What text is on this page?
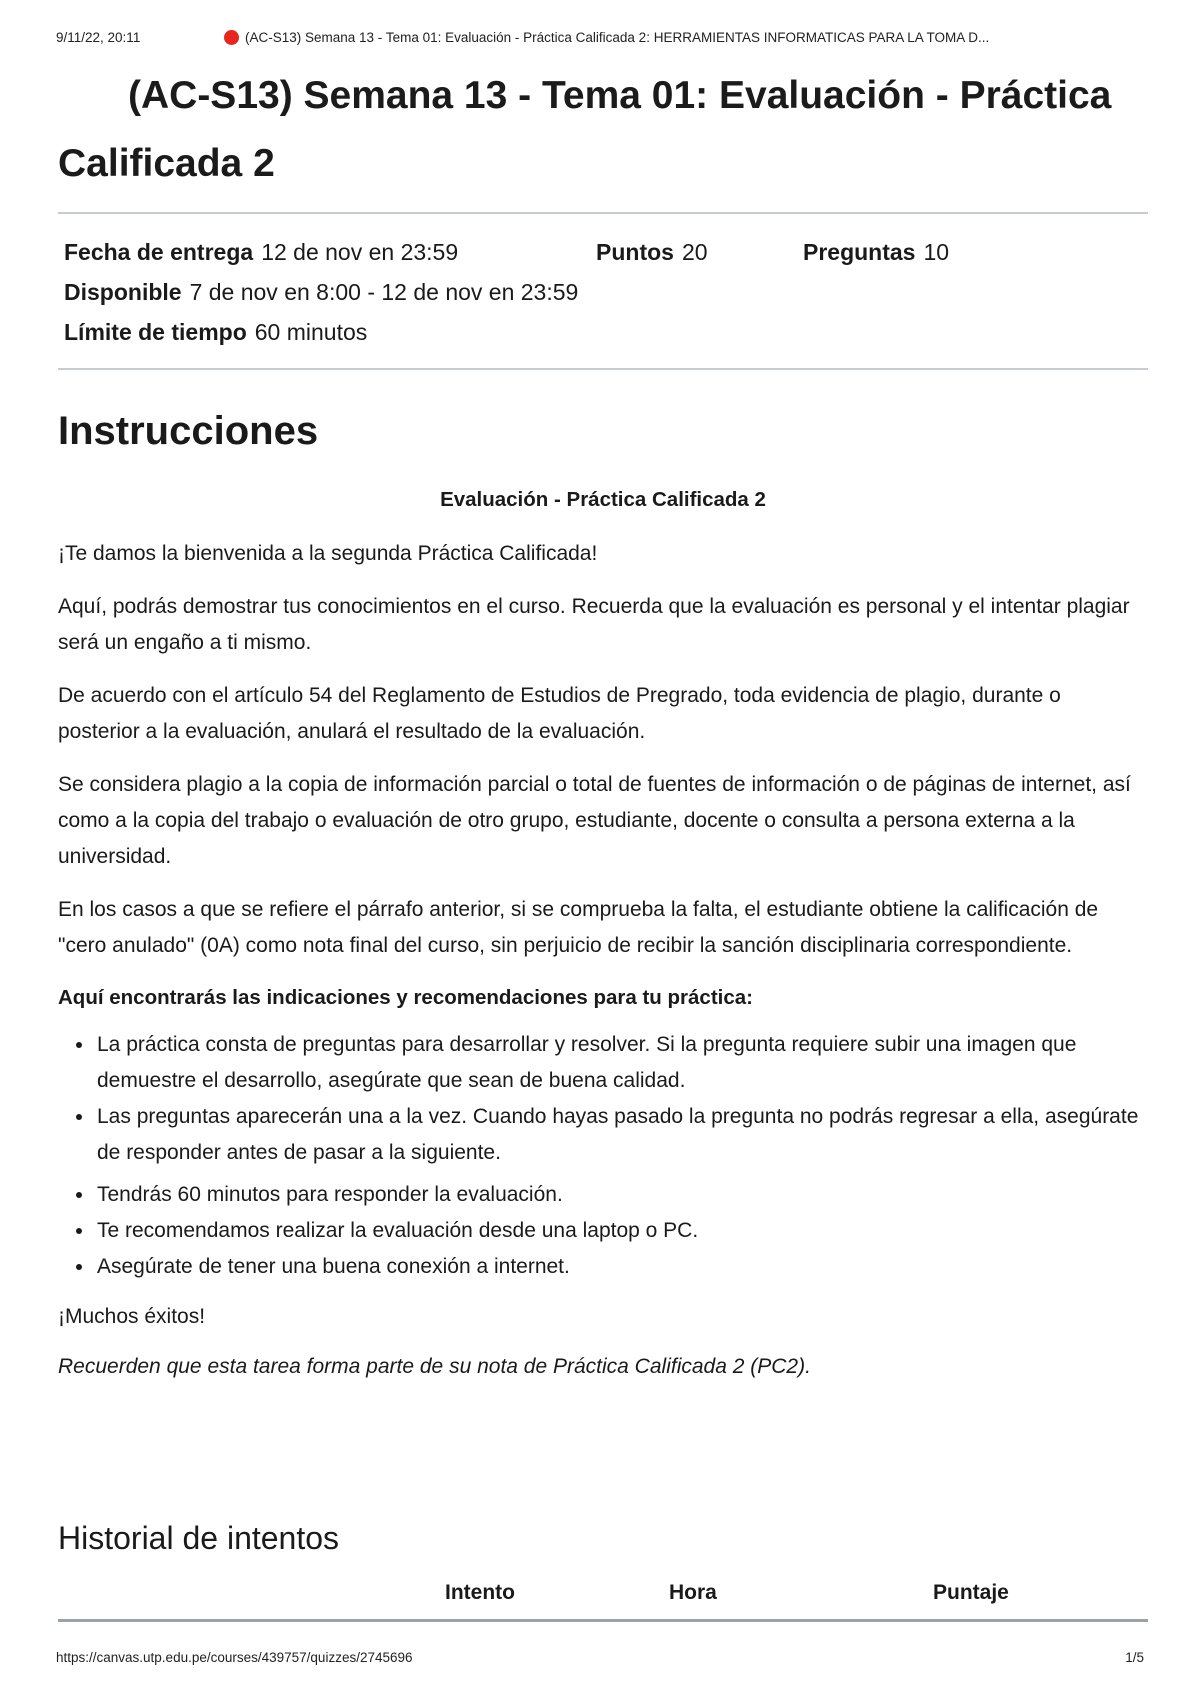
9/11/22, 20:11	(AC-S13) Semana 13 - Tema 01: Evaluación - Práctica Calificada 2: HERRAMIENTAS INFORMATICAS PARA LA TOMA D...
(AC-S13) Semana 13 - Tema 01: Evaluación - Práctica Calificada 2
Fecha de entrega 12 de nov en 23:59	Puntos 20	Preguntas 10
Disponible 7 de nov en 8:00 - 12 de nov en 23:59
Límite de tiempo 60 minutos
Instrucciones
Evaluación - Práctica Calificada 2

¡Te damos la bienvenida a la segunda Práctica Calificada!

Aquí, podrás demostrar tus conocimientos en el curso. Recuerda que la evaluación es personal y el intentar plagiar será un engaño a ti mismo.

De acuerdo con el artículo 54 del Reglamento de Estudios de Pregrado, toda evidencia de plagio, durante o posterior a la evaluación, anulará el resultado de la evaluación.

Se considera plagio a la copia de información parcial o total de fuentes de información o de páginas de internet, así como a la copia del trabajo o evaluación de otro grupo, estudiante, docente o consulta a persona externa a la universidad.

En los casos a que se refiere el párrafo anterior, si se comprueba la falta, el estudiante obtiene la calificación de "cero anulado" (0A) como nota final del curso, sin perjuicio de recibir la sanción disciplinaria correspondiente.

Aquí encontrarás las indicaciones y recomendaciones para tu práctica:
• La práctica consta de preguntas para desarrollar y resolver. Si la pregunta requiere subir una imagen que demuestre el desarrollo, asegúrate que sean de buena calidad.
• Las preguntas aparecerán una a la vez. Cuando hayas pasado la pregunta no podrás regresar a ella, asegúrate de responder antes de pasar a la siguiente.
• Tendrás 60 minutos para responder la evaluación.
• Te recomendamos realizar la evaluación desde una laptop o PC.
• Asegúrate de tener una buena conexión a internet.

¡Muchos éxitos!

Recuerden que esta tarea forma parte de su nota de Práctica Calificada 2 (PC2).

Historial de intentos
Intento	Hora	Puntaje
https://canvas.utp.edu.pe/courses/439757/quizzes/2745696	1/5
